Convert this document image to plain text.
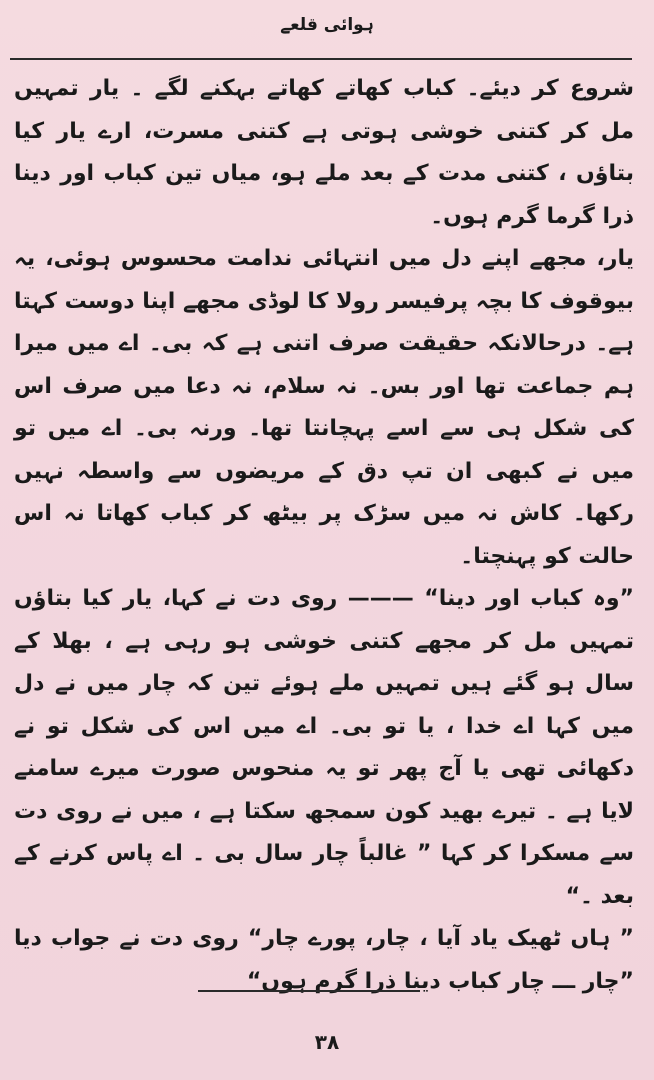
ہوائی قلعے

شروع کر دیئے۔ کباب کھاتے کھاتے بہکنے لگے ۔ یار تمہیں مل کر کتنی خوشی ہوتی ہے کتنی مسرت، ارے یار کیا بتاؤں ، کتنی مدت کے بعد ملے ہو، میاں تین کباب اور دینا ذرا گرما گرم ہوں۔

یار، مجھے اپنے دل میں انتہائی ندامت محسوس ہوئی، یہ بیوقوف کا بچہ پرفیسر رولا کا لوڈی مجھے اپنا دوست کہتا ہے۔ درحالانکہ حقیقت صرف اتنی ہے کہ بی۔ اے میں میرا ہم جماعت تھا اور بس۔ نہ سلام، نہ دعا میں صرف اس کی شکل ہی سے اسے پہچانتا تھا۔ ورنہ بی۔ اے میں تو میں نے کبھی ان تپ دق کے مریضوں سے واسطہ نہیں رکھا۔ کاش نہ میں سڑک پر بیٹھ کر کباب کھاتا نہ اس حالت کو پہنچتا۔

”وہ کباب اور دینا“ ——— روی دت نے کہا، یار کیا بتاؤں تمہیں مل کر مجھے کتنی خوشی ہو رہی ہے ، بھلا کے سال ہو گئے ہیں تمہیں ملے ہوئے تین کہ چار میں نے دل میں کہا اے خدا ، یا تو بی۔ اے میں اس کی شکل تو نے دکھائی تھی یا آج پھر تو یہ منحوس صورت میرے سامنے لایا ہے ۔ تیرے بھید کون سمجھ سکتا ہے ، میں نے روی دت سے مسکرا کر کہا ” غالباً چار سال بی ۔ اے پاس کرنے کے بعد ۔“

” ہاں ٹھیک یاد آیا ، چار، پورے چار“ روی دت نے جواب دیا ”چار ـــ چار کباب دینا ذرا گرم ہوں“

۳۸
